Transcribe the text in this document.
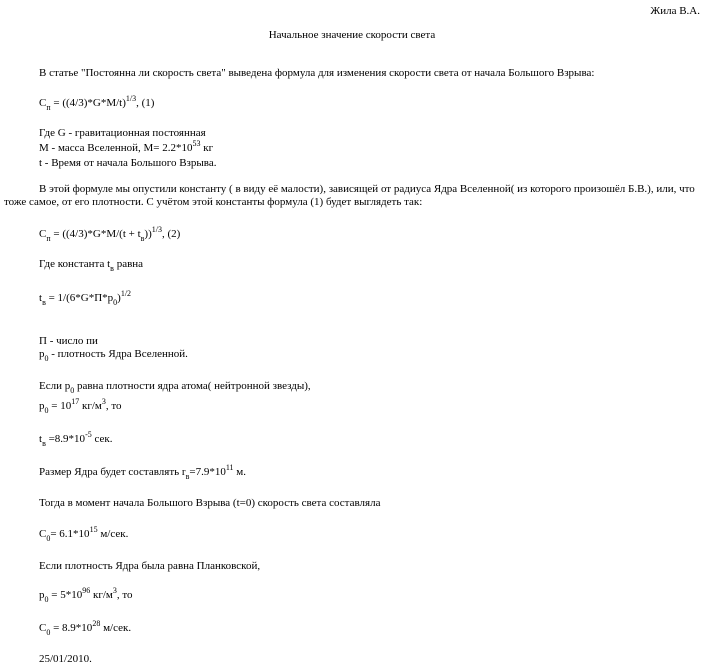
Жила В.А.
Начальное значение скорости света
В статье "Постоянна ли скорость света" выведена формула для изменения скорости света от начала Большого Взрыва:
$C_п = ((4/3)*G*M/t)^{1/3}$, (1)
Где G - гравитационная постоянная
M - масса Вселенной, $M= 2.2*10^{53}$ кг
t - Время от начала Большого Взрыва.
В этой формуле мы опустили константу ( в виду её малости), зависящей от радиуса Ядра Вселенной( из которого произошёл Б.В.), или, что тоже самое, от его плотности. С учётом этой константы формула (1) будет выглядеть так:
$C_п = ((4/3)*G*M/(t + t_в))^{1/3}$, (2)
Где константа $t_в$ равна
$t_в = 1/(6*G*П*p_0)^{1/2}$
П - число пи
$p_0$ - плотность Ядра Вселенной.
Если $p_0$ равна плотности ядра атома( нейтронной звезды),
$p_0 = 10^{17}$ $кг/м^3$, то
$t_в =8.9*10^{-5}$ сек.
Размер Ядра будет составлять $r_в=7.9*10^{11}$ м.
Тогда в момент начала Большого Взрыва (t=0) скорость света составляла
$C_0= 6.1*10^{15}$ м/сек.
Если плотность Ядра была равна Планковской,
$p_0 = 5*10^{96}$ $кг/м^3$, то
$C_0 = 8.9*10^{28}$ м/сек.
25/01/2010.
